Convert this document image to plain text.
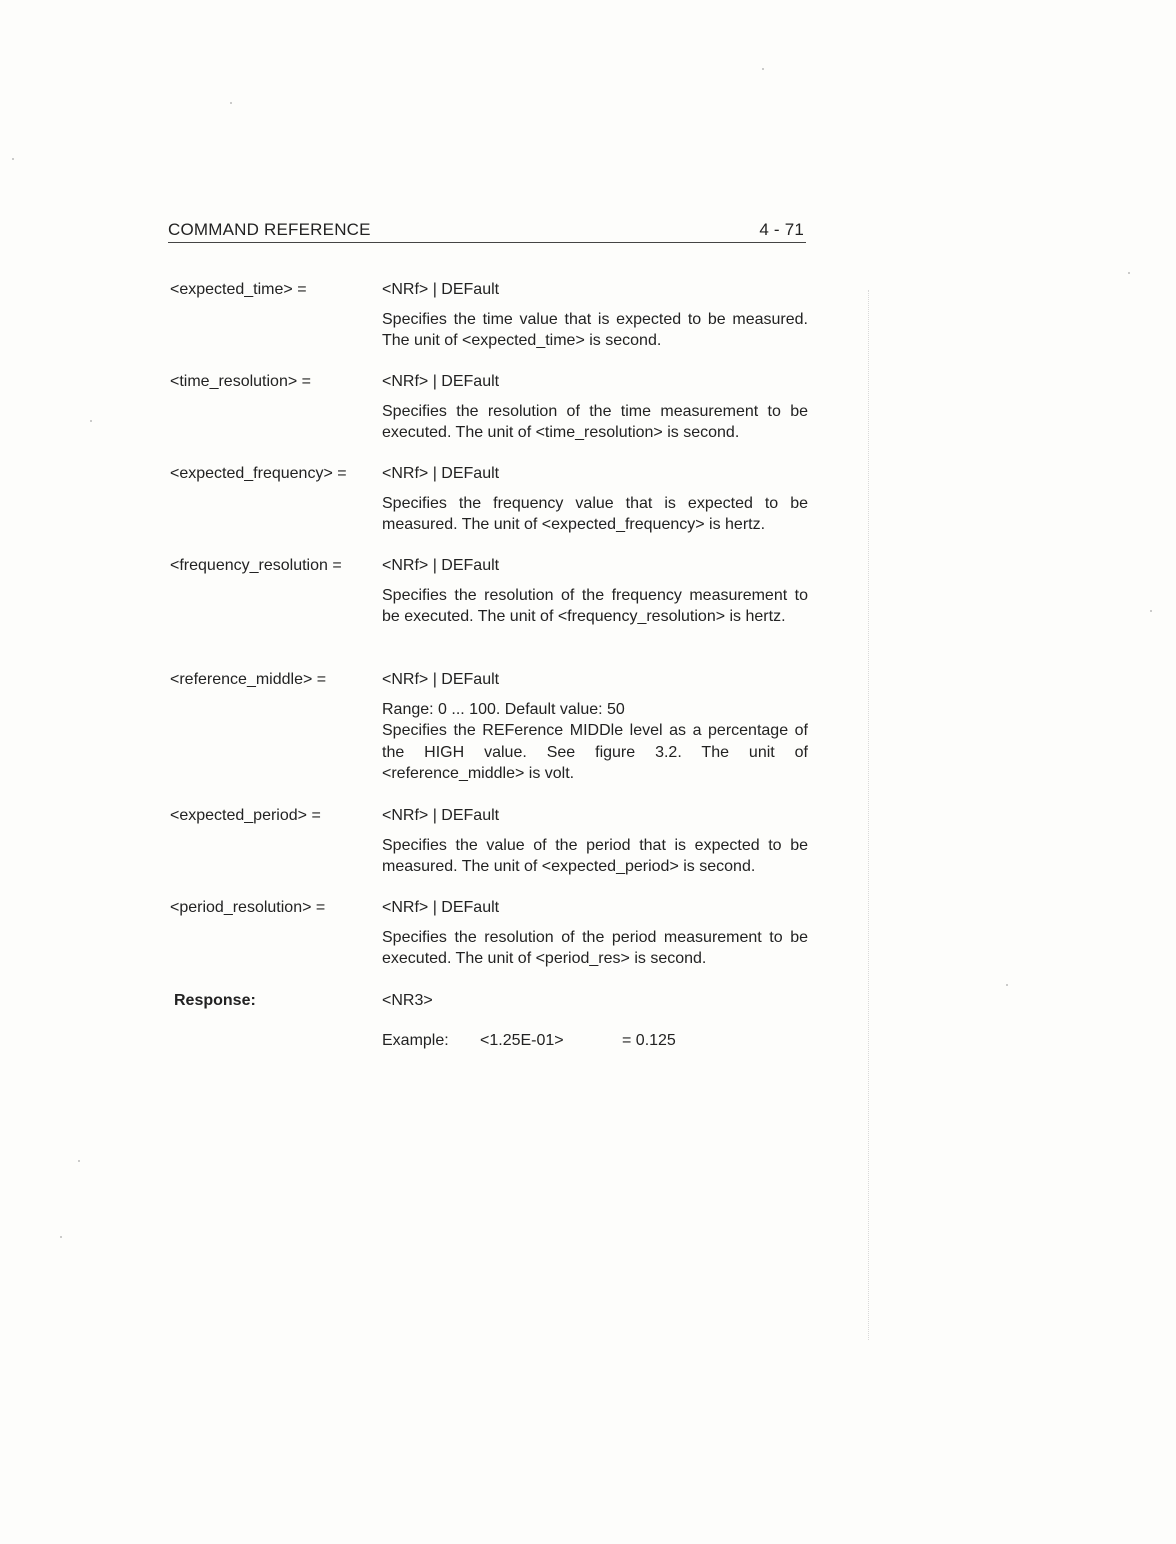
COMMAND REFERENCE	4 - 71
<expected_time> =	<NRf> | DEFault
Specifies the time value that is expected to be measured. The unit of <expected_time> is second.
<time_resolution> =	<NRf> | DEFault
Specifies the resolution of the time measurement to be executed. The unit of <time_resolution> is second.
<expected_frequency> =	<NRf> | DEFault
Specifies the frequency value that is expected to be measured. The unit of <expected_frequency> is hertz.
<frequency_resolution =	<NRf> | DEFault
Specifies the resolution of the frequency measurement to be executed. The unit of <frequency_resolution> is hertz.
<reference_middle> =	<NRf> | DEFault
Range: 0 ... 100. Default value: 50
Specifies the REFerence MIDDle level as a percentage of the HIGH value. See figure 3.2. The unit of <reference_middle> is volt.
<expected_period> =	<NRf> | DEFault
Specifies the value of the period that is expected to be measured. The unit of <expected_period> is second.
<period_resolution> =	<NRf> | DEFault
Specifies the resolution of the period measurement to be executed. The unit of <period_res> is second.
Response:	<NR3>
Example: <1.25E-01>	= 0.125
